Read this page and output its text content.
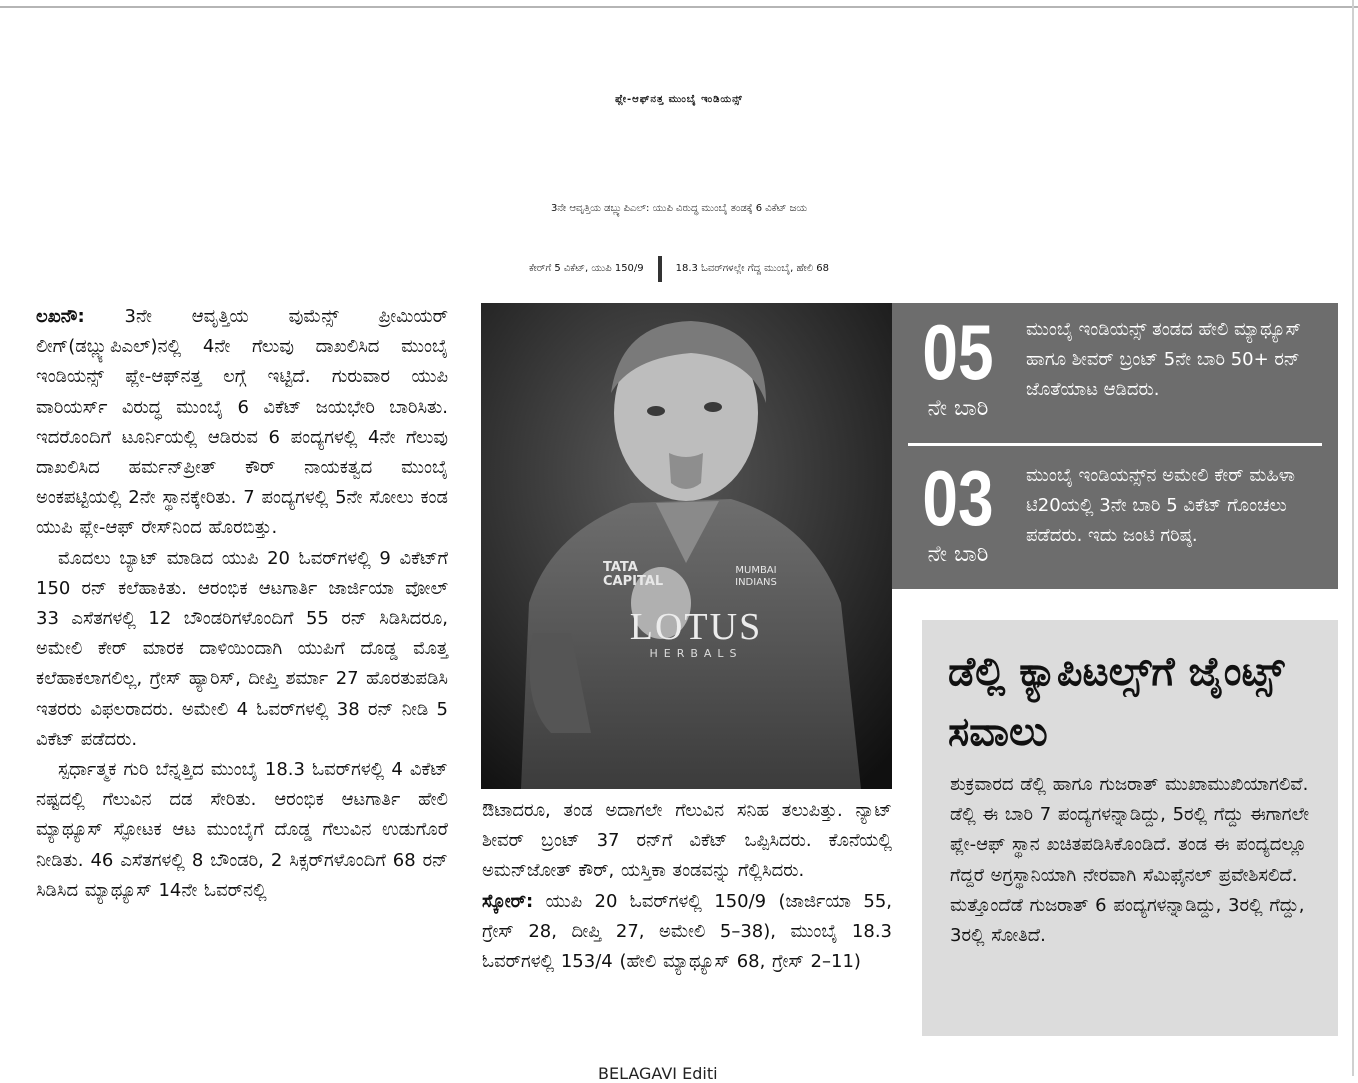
ಪ್ಲೇ-ಆಫ್‌ನತ್ತ ಮುಂಬೈ ಇಂಡಿಯನ್ಸ್
3ನೇ ಆವೃತ್ತಿಯ ಡಬ್ಲ್ಯುಪಿಎಲ್: ಯುಪಿ ವಿರುದ್ಧ ಮುಂಬೈ ತಂಡಕ್ಕೆ 6 ವಿಕೆಟ್ ಜಯ
ಕೇರ್‌ಗೆ 5 ವಿಕೆಟ್, ಯುಪಿ 150/9	18.3 ಓವರ್‌ಗಳಲ್ಲೇ ಗೆದ್ದ ಮುಂಬೈ, ಹೇಲಿ 68

ಲಖನೌ: 3ನೇ ಆವೃತ್ತಿಯ ವುಮೆನ್ಸ್ ಪ್ರೀಮಿಯರ್ ಲೀಗ್(ಡಬ್ಲ್ಯುಪಿಎಲ್)ನಲ್ಲಿ 4ನೇ ಗೆಲುವು ದಾಖಲಿಸಿದ ಮುಂಬೈ ಇಂಡಿಯನ್ಸ್ ಪ್ಲೇ-ಆಫ್‌ನತ್ತ ಲಗ್ಗೆ ಇಟ್ಟಿದೆ. ಗುರುವಾರ ಯುಪಿ ವಾರಿಯರ್ಸ್ ವಿರುದ್ಧ ಮುಂಬೈ 6 ವಿಕೆಟ್ ಜಯಭೇರಿ ಬಾರಿಸಿತು. ಇದರೊಂದಿಗೆ ಟೂರ್ನಿಯಲ್ಲಿ ಆಡಿರುವ 6 ಪಂದ್ಯಗಳಲ್ಲಿ 4ನೇ ಗೆಲುವು ದಾಖಲಿಸಿದ ಹರ್ಮನ್‌ಪ್ರೀತ್ ಕೌರ್ ನಾಯಕತ್ವದ ಮುಂಬೈ ಅಂಕಪಟ್ಟಿಯಲ್ಲಿ 2ನೇ ಸ್ಥಾನಕ್ಕೇರಿತು. 7 ಪಂದ್ಯಗಳಲ್ಲಿ 5ನೇ ಸೋಲು ಕಂಡ ಯುಪಿ ಪ್ಲೇ-ಆಫ್ ರೇಸ್‌ನಿಂದ ಹೊರಬಿತ್ತು.

ಮೊದಲು ಬ್ಯಾಟ್ ಮಾಡಿದ ಯುಪಿ 20 ಓವರ್‌ಗಳಲ್ಲಿ 9 ವಿಕೆಟ್‌ಗೆ 150 ರನ್ ಕಲೆಹಾಕಿತು. ಆರಂಭಿಕ ಆಟಗಾರ್ತಿ ಜಾರ್ಜಿಯಾ ವೋಲ್ 33 ಎಸೆತಗಳಲ್ಲಿ 12 ಬೌಂಡರಿಗಳೊಂದಿಗೆ 55 ರನ್ ಸಿಡಿಸಿದರೂ, ಅಮೇಲಿ ಕೇರ್ ಮಾರಕ ದಾಳಿಯಿಂದಾಗಿ ಯುಪಿಗೆ ದೊಡ್ಡ ಮೊತ್ತ ಕಲೆಹಾಕಲಾಗಲಿಲ್ಲ, ಗ್ರೇಸ್ ಹ್ಯಾರಿಸ್, ದೀಪ್ತಿ ಶರ್ಮಾ 27 ಹೊರತುಪಡಿಸಿ ಇತರರು ವಿಫಲರಾದರು. ಅಮೇಲಿ 4 ಓವರ್‌ಗಳಲ್ಲಿ 38 ರನ್ ನೀಡಿ 5 ವಿಕೆಟ್ ಪಡೆದರು.

ಸ್ಪರ್ಧಾತ್ಮಕ ಗುರಿ ಬೆನ್ನತ್ತಿದ ಮುಂಬೈ 18.3 ಓವರ್‌ಗಳಲ್ಲಿ 4 ವಿಕೆಟ್ ನಷ್ಟದಲ್ಲಿ ಗೆಲುವಿನ ದಡ ಸೇರಿತು. ಆರಂಭಿಕ ಆಟಗಾರ್ತಿ ಹೇಲಿ ಮ್ಯಾಥ್ಯೂಸ್ ಸ್ಫೋಟಕ ಆಟ ಮುಂಬೈಗೆ ದೊಡ್ಡ ಗೆಲುವಿನ ಉಡುಗೊರೆ ನೀಡಿತು. 46 ಎಸೆತಗಳಲ್ಲಿ 8 ಬೌಂಡರಿ, 2 ಸಿಕ್ಸರ್‌ಗಳೊಂದಿಗೆ 68 ರನ್ ಸಿಡಿಸಿದ ಮ್ಯಾಥ್ಯೂಸ್ 14ನೇ ಓವರ್‌ನಲ್ಲಿ

TATA CAPITAL
MUMBAI INDIANS
LOTUS
HERBALS
05
ನೇ ಬಾರಿ
ಮುಂಬೈ ಇಂಡಿಯನ್ಸ್ ತಂಡದ ಹೇಲಿ ಮ್ಯಾಥ್ಯೂಸ್ ಹಾಗೂ ಶೀವರ್ ಬ್ರಂಟ್ 5ನೇ ಬಾರಿ 50+ ರನ್ ಜೊತೆಯಾಟ ಆಡಿದರು.
03
ನೇ ಬಾರಿ
ಮುಂಬೈ ಇಂಡಿಯನ್ಸ್‌ನ ಅಮೇಲಿ ಕೇರ್ ಮಹಿಳಾ ಟಿ20ಯಲ್ಲಿ 3ನೇ ಬಾರಿ 5 ವಿಕೆಟ್ ಗೊಂಚಲು ಪಡೆದರು. ಇದು ಜಂಟಿ ಗರಿಷ್ಠ.

ಔಟಾದರೂ, ತಂಡ ಅದಾಗಲೇ ಗೆಲುವಿನ ಸನಿಹ ತಲುಪಿತ್ತು. ನ್ಯಾಟ್ ಶೀವರ್ ಬ್ರಂಟ್ 37 ರನ್‌ಗೆ ವಿಕೆಟ್ ಒಪ್ಪಿಸಿದರು. ಕೊನೆಯಲ್ಲಿ ಅಮನ್‌ಜೋತ್ ಕೌರ್, ಯಸ್ತಿಕಾ ತಂಡವನ್ನು ಗೆಲ್ಲಿಸಿದರು.

ಸ್ಕೋರ್: ಯುಪಿ 20 ಓವರ್‌ಗಳಲ್ಲಿ 150/9 (ಜಾರ್ಜಿಯಾ 55, ಗ್ರೇಸ್ 28, ದೀಪ್ತಿ 27, ಅಮೇಲಿ 5–38), ಮುಂಬೈ 18.3 ಓವರ್‌ಗಳಲ್ಲಿ 153/4 (ಹೇಲಿ ಮ್ಯಾಥ್ಯೂಸ್ 68, ಗ್ರೇಸ್ 2–11)

ಡೆಲ್ಲಿ ಕ್ಯಾಪಿಟಲ್ಸ್‌ಗೆ ಜೈಂಟ್ಸ್ ಸವಾಲು
ಶುಕ್ರವಾರದ ಡೆಲ್ಲಿ ಹಾಗೂ ಗುಜರಾತ್ ಮುಖಾಮುಖಿಯಾಗಲಿವೆ. ಡೆಲ್ಲಿ ಈ ಬಾರಿ 7 ಪಂದ್ಯಗಳನ್ನಾಡಿದ್ದು, 5ರಲ್ಲಿ ಗೆದ್ದು ಈಗಾಗಲೇ ಪ್ಲೇ-ಆಫ್ ಸ್ಥಾನ ಖಚಿತಪಡಿಸಿಕೊಂಡಿದೆ. ತಂಡ ಈ ಪಂದ್ಯದಲ್ಲೂ ಗೆದ್ದರೆ ಅಗ್ರಸ್ಥಾನಿಯಾಗಿ ನೇರವಾಗಿ ಸೆಮಿಫೈನಲ್ ಪ್ರವೇಶಿಸಲಿದೆ. ಮತ್ತೊಂದೆಡೆ ಗುಜರಾತ್ 6 ಪಂದ್ಯಗಳನ್ನಾಡಿದ್ದು, 3ರಲ್ಲಿ ಗೆದ್ದು, 3ರಲ್ಲಿ ಸೋತಿದೆ.
BELAGAVI Editi
